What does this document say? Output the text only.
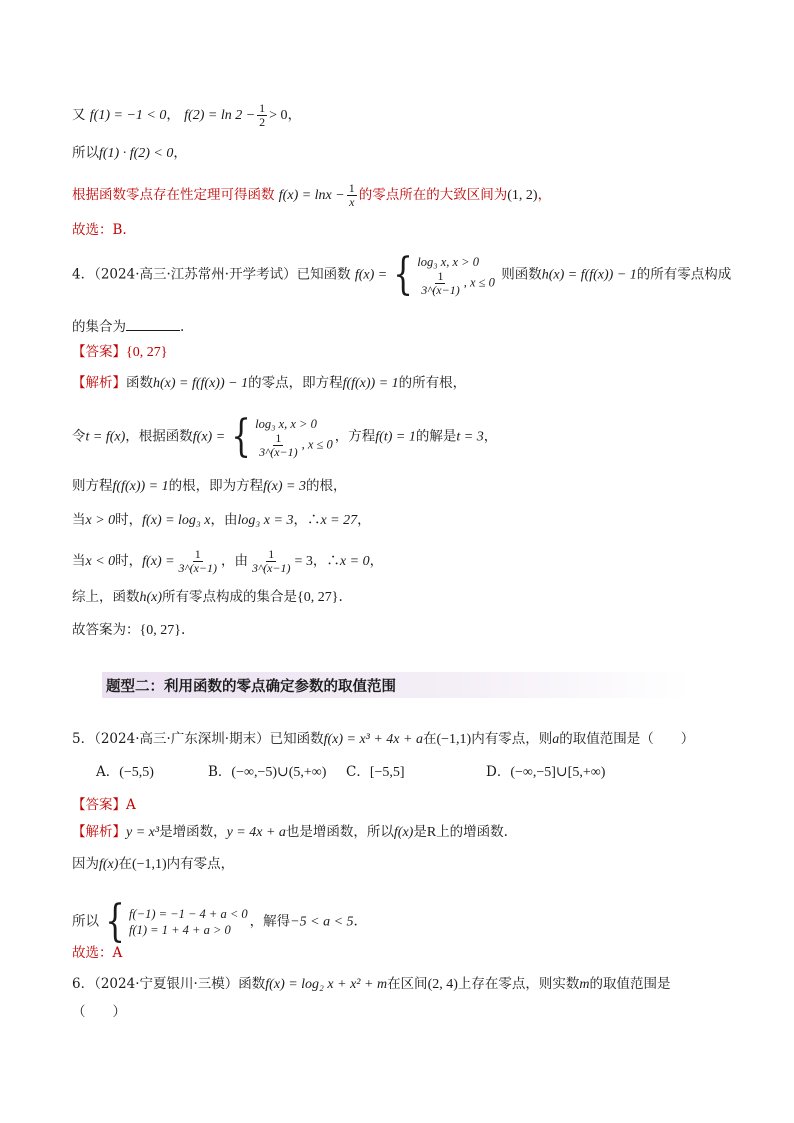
又 f(1) = −1 < 0， $f(2) = \ln 2 - \frac{1}{2} > 0$，
所以f(1) · f(2) < 0，
根据函数零点存在性定理可得函数 $f(x) = \ln x - \frac{1}{x}$ 的零点所在的大致区间为(1, 2)，
故选：B.
4．（2024·高三·江苏常州·开学考试）已知函数 f(x) = { log₃ x, x > 0
$\frac{1}{3\^{}(x-1)}$ , x ≤ 0 则函数h(x) = f(f(x)) − 1的所有零点构成
的集合为	.
【答案】{0, 27}
【解析】函数h(x) = f(f(x)) − 1的零点，即方程f(f(x)) = 1的所有根，
令t = f(x)，根据函数f(x) = { log₃ x, x > 0
$\frac{1}{3\^{}(x-1)}$ , x ≤ 0 ，方程f(t) = 1的解是t = 3，
则方程f(f(x)) = 1的根，即为方程f(x) = 3的根，
当x > 0时，f(x) = log₃ x，由log₃ x = 3，∴x = 27，
当x < 0时，$f(x) = \frac{1}{3\^{}(x-1)}$ ，由 $\frac{1}{3\^{}(x-1)} = 3$，∴x = 0，
综上，函数h(x)所有零点构成的集合是{0, 27}.
故答案为：{0, 27}.
题型二：利用函数的零点确定参数的取值范围
5．（2024·高三·广东深圳·期末）已知函数f(x) = x³ + 4x + a在(−1,1)内有零点，则a的取值范围是（　　）
A．(−5,5)	B．(−∞,−5)∪(5,+∞) C．[−5,5]	D．(−∞,−5]∪[5,+∞)
【答案】A
【解析】y = x³是增函数，y = 4x + a也是增函数，所以f(x)是R上的增函数.
因为f(x)在(−1,1)内有零点，
所以 { f(−1) = −1 − 4 + a < 0
f(1) = 1 + 4 + a > 0
，解得−5 < a < 5.
故选：A
6．（2024·宁夏银川·三模）函数f(x) = log₂ x + x² + m在区间(2, 4)上存在零点，则实数m的取值范围是
（　　）
